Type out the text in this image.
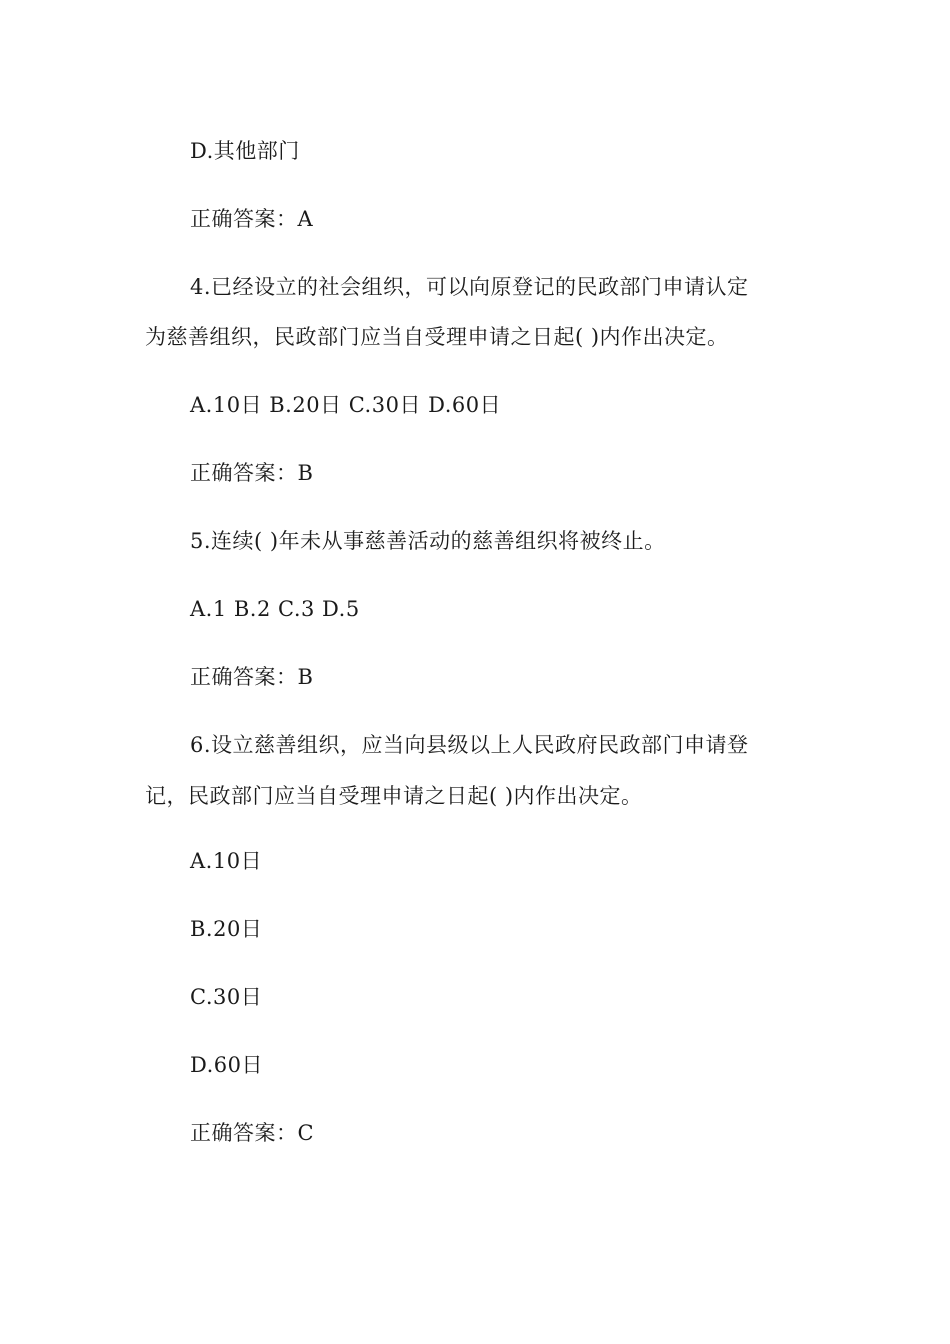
D.其他部门
正确答案：A
4.已经设立的社会组织，可以向原登记的民政部门申请认定
为慈善组织，民政部门应当自受理申请之日起( )内作出决定。
A.10日 B.20日 C.30日 D.60日
正确答案：B
5.连续( )年未从事慈善活动的慈善组织将被终止。
A.1 B.2 C.3 D.5
正确答案：B
6.设立慈善组织，应当向县级以上人民政府民政部门申请登
记，民政部门应当自受理申请之日起( )内作出决定。
A.10日
B.20日
C.30日
D.60日
正确答案：C
